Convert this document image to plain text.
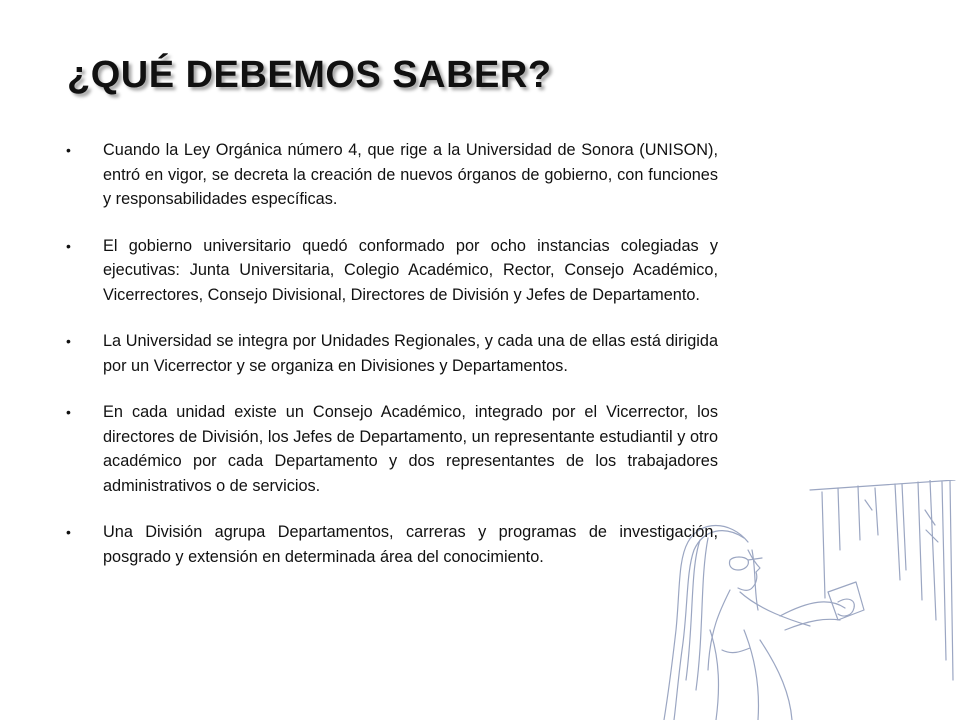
¿QUÉ DEBEMOS SABER?
• Cuando la Ley Orgánica número 4, que rige a la Universidad de Sonora (UNISON), entró en vigor, se decreta la creación de nuevos órganos de gobierno, con funciones y responsabilidades específicas.
• El gobierno universitario quedó conformado por ocho instancias colegiadas y ejecutivas: Junta Universitaria, Colegio Académico, Rector, Consejo Académico, Vicerrectores, Consejo Divisional, Directores de División y Jefes de Departamento.
• La Universidad se integra por Unidades Regionales, y cada una de ellas está dirigida por un Vicerrector y se organiza en Divisiones y Departamentos.
• En cada unidad existe un Consejo Académico, integrado por el Vicerrector, los directores de División, los Jefes de Departamento, un representante estudiantil y otro académico por cada Departamento y dos representantes de los trabajadores administrativos o de servicios.
• Una División agrupa Departamentos, carreras y programas de investigación, posgrado y extensión en determinada área del conocimiento.
